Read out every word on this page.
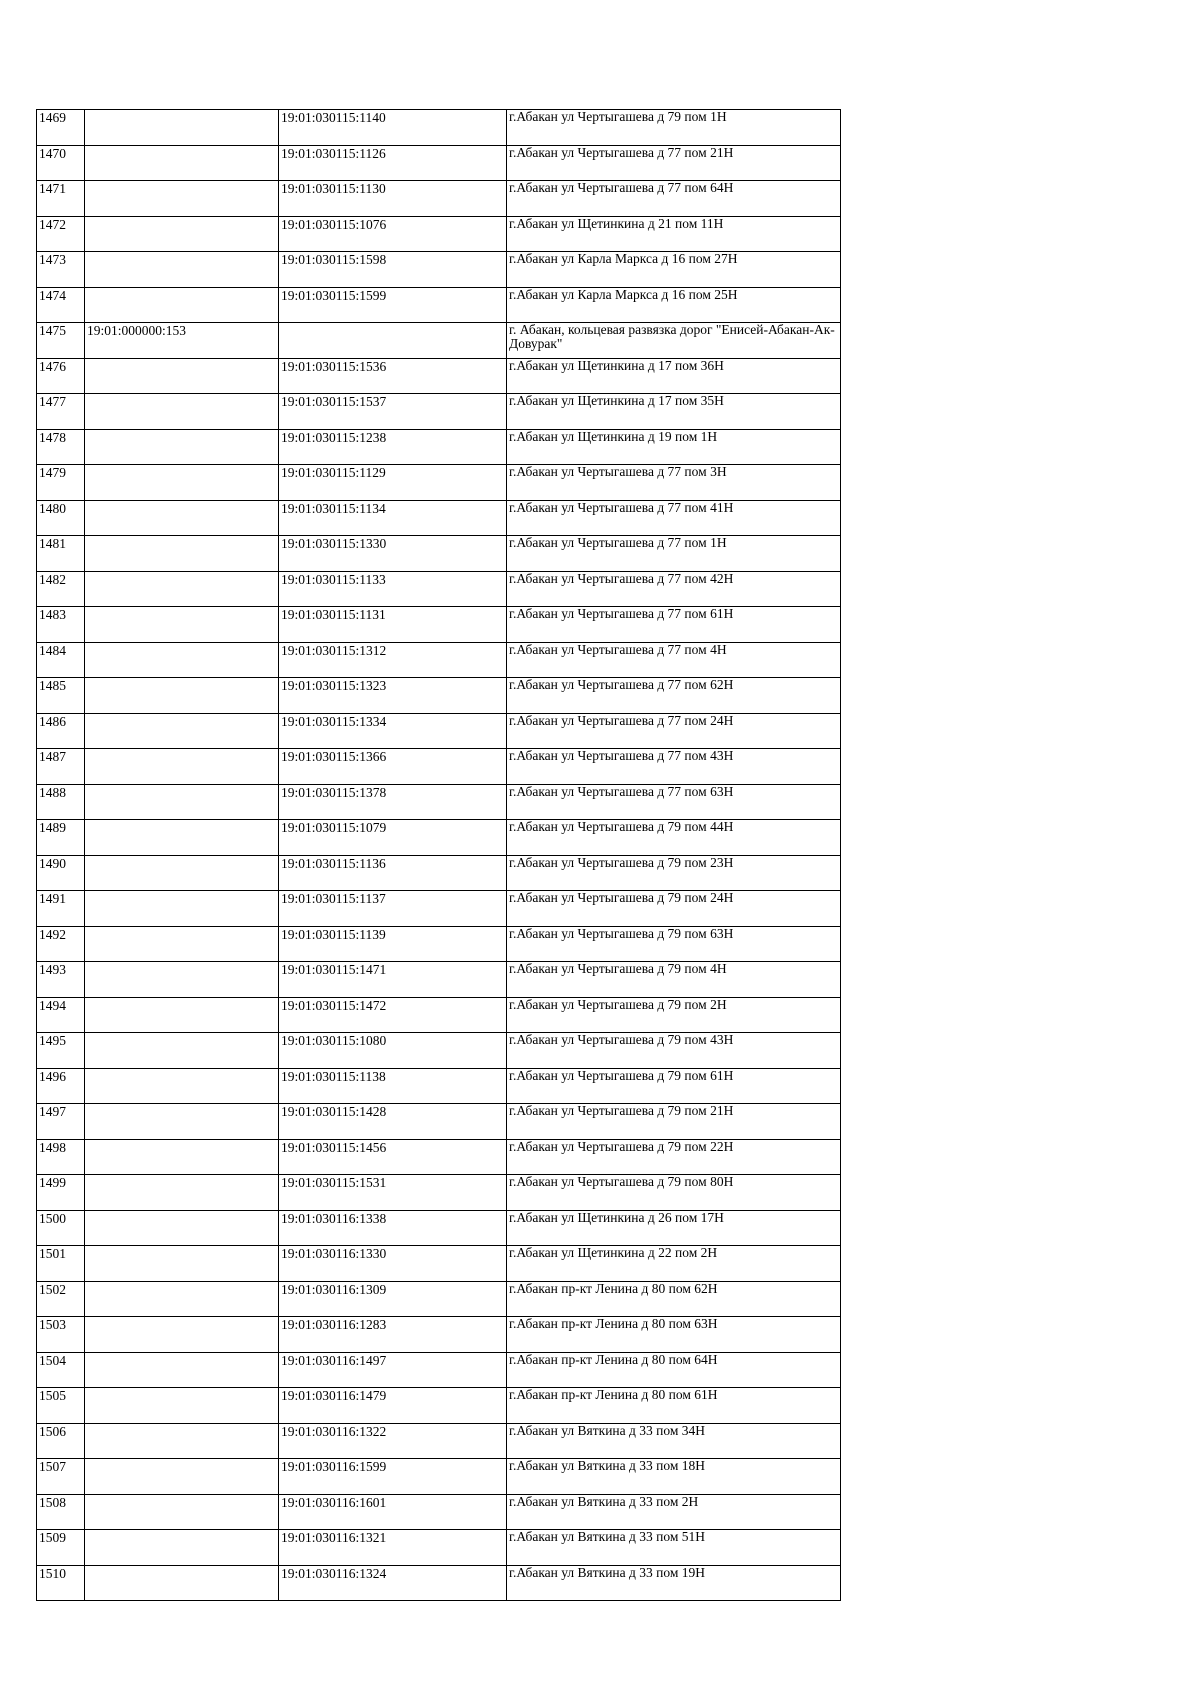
1469		19:01:030115:1140	г.Абакан ул Чертыгашева д 79 пом 1Н
1470		19:01:030115:1126	г.Абакан ул Чертыгашева д 77 пом 21Н
1471		19:01:030115:1130	г.Абакан ул Чертыгашева д 77 пом 64Н
1472		19:01:030115:1076	г.Абакан ул Щетинкина д 21 пом 11Н
1473		19:01:030115:1598	г.Абакан ул Карла Маркса д 16 пом 27Н
1474		19:01:030115:1599	г.Абакан ул Карла Маркса д 16 пом 25Н
1475	19:01:000000:153		г. Абакан, кольцевая развязка дорог "Енисей-Абакан-Ак-Довурак"
1476		19:01:030115:1536	г.Абакан ул Щетинкина д 17 пом 36Н
1477		19:01:030115:1537	г.Абакан ул Щетинкина д 17 пом 35Н
1478		19:01:030115:1238	г.Абакан ул Щетинкина д 19 пом 1Н
1479		19:01:030115:1129	г.Абакан ул Чертыгашева д 77 пом 3Н
1480		19:01:030115:1134	г.Абакан ул Чертыгашева д 77 пом 41Н
1481		19:01:030115:1330	г.Абакан ул Чертыгашева д 77 пом 1Н
1482		19:01:030115:1133	г.Абакан ул Чертыгашева д 77 пом 42Н
1483		19:01:030115:1131	г.Абакан ул Чертыгашева д 77 пом 61Н
1484		19:01:030115:1312	г.Абакан ул Чертыгашева д 77 пом 4Н
1485		19:01:030115:1323	г.Абакан ул Чертыгашева д 77 пом 62Н
1486		19:01:030115:1334	г.Абакан ул Чертыгашева д 77 пом 24Н
1487		19:01:030115:1366	г.Абакан ул Чертыгашева д 77 пом 43Н
1488		19:01:030115:1378	г.Абакан ул Чертыгашева д 77 пом 63Н
1489		19:01:030115:1079	г.Абакан ул Чертыгашева д 79 пом 44Н
1490		19:01:030115:1136	г.Абакан ул Чертыгашева д 79 пом 23Н
1491		19:01:030115:1137	г.Абакан ул Чертыгашева д 79 пом 24Н
1492		19:01:030115:1139	г.Абакан ул Чертыгашева д 79 пом 63Н
1493		19:01:030115:1471	г.Абакан ул Чертыгашева д 79 пом 4Н
1494		19:01:030115:1472	г.Абакан ул Чертыгашева д 79 пом 2Н
1495		19:01:030115:1080	г.Абакан ул Чертыгашева д 79 пом 43Н
1496		19:01:030115:1138	г.Абакан ул Чертыгашева д 79 пом 61Н
1497		19:01:030115:1428	г.Абакан ул Чертыгашева д 79 пом 21Н
1498		19:01:030115:1456	г.Абакан ул Чертыгашева д 79 пом 22Н
1499		19:01:030115:1531	г.Абакан ул Чертыгашева д 79 пом 80Н
1500		19:01:030116:1338	г.Абакан ул Щетинкина д 26 пом 17Н
1501		19:01:030116:1330	г.Абакан ул Щетинкина д 22 пом 2Н
1502		19:01:030116:1309	г.Абакан пр-кт Ленина д 80 пом 62Н
1503		19:01:030116:1283	г.Абакан пр-кт Ленина д 80 пом 63Н
1504		19:01:030116:1497	г.Абакан пр-кт Ленина д 80 пом 64Н
1505		19:01:030116:1479	г.Абакан пр-кт Ленина д 80 пом 61Н
1506		19:01:030116:1322	г.Абакан ул Вяткина д 33 пом 34Н
1507		19:01:030116:1599	г.Абакан ул Вяткина д 33 пом 18Н
1508		19:01:030116:1601	г.Абакан ул Вяткина д 33 пом 2Н
1509		19:01:030116:1321	г.Абакан ул Вяткина д 33 пом 51Н
1510		19:01:030116:1324	г.Абакан ул Вяткина д 33 пом 19Н
